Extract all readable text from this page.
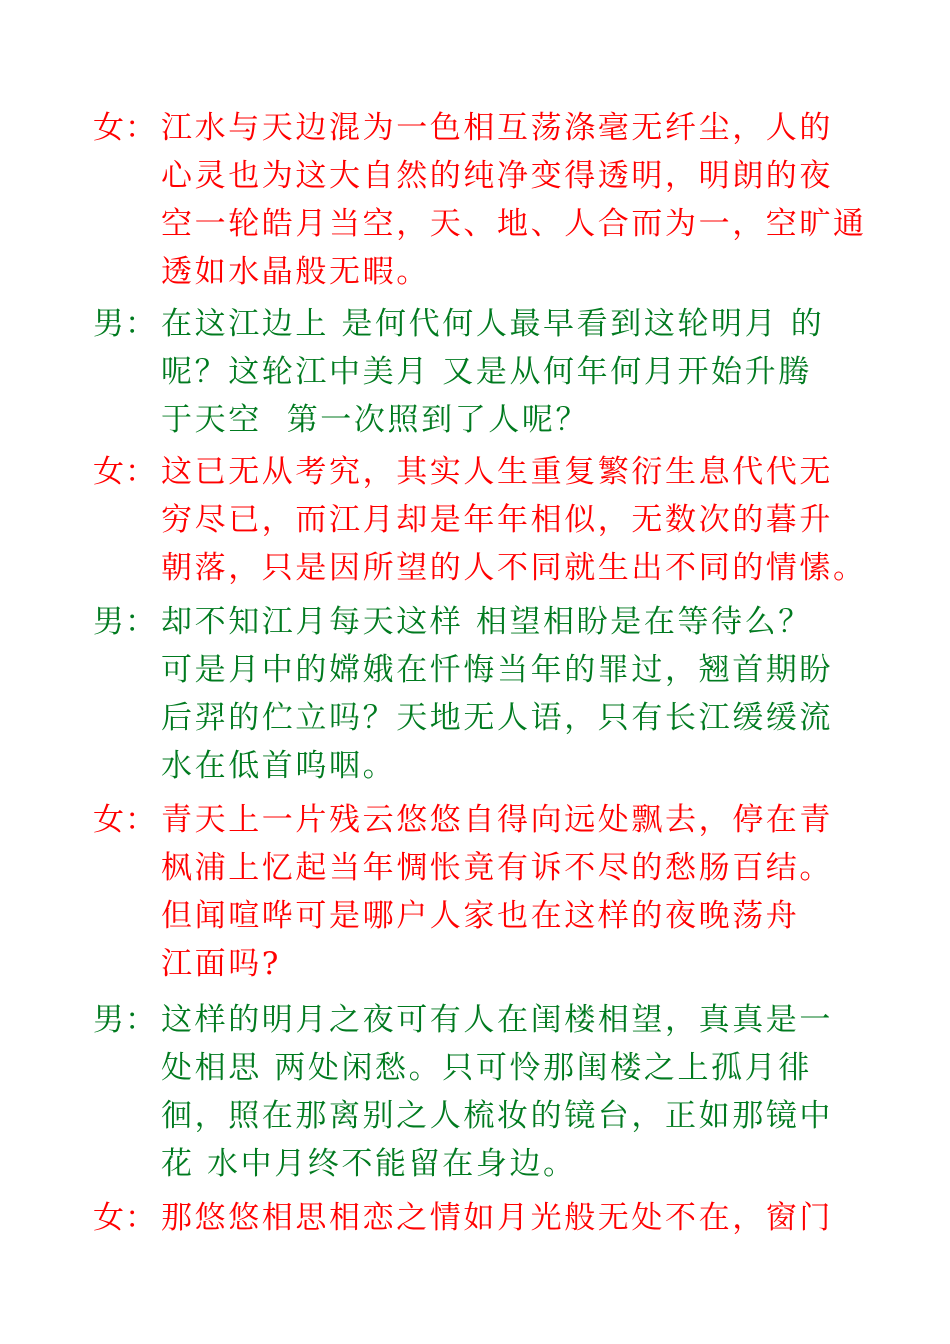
女： 江水与天边混为一色相互荡涤毫无纤尘，人的
心灵也为这大自然的纯净变得透明，明朗的夜
空一轮皓月当空，天、地、人合而为一，空旷通
透如水晶般无暇。
男： 在这江边上 是何代何人最早看到这轮明月 的
呢？这轮江中美月 又是从何年何月开始升腾
于天空  第一次照到了人呢？
女： 这已无从考究，其实人生重复繁衍生息代代无
穷尽已，而江月却是年年相似，无数次的暮升
朝落，只是因所望的人不同就生出不同的情愫。
男： 却不知江月每天这样 相望相盼是在等待么？
可是月中的嫦娥在忏悔当年的罪过，翘首期盼
后羿的伫立吗？天地无人语，只有长江缓缓流
水在低首呜咽。
女： 青天上一片残云悠悠自得向远处飘去，停在青
枫浦上忆起当年惆怅竟有诉不尽的愁肠百结。
但闻喧哗可是哪户人家也在这样的夜晚荡舟
江面吗?
男： 这样的明月之夜可有人在闺楼相望，真真是一
处相思 两处闲愁。只可怜那闺楼之上孤月徘
徊，照在那离别之人梳妆的镜台，正如那镜中
花 水中月终不能留在身边。
女： 那悠悠相思相恋之情如月光般无处不在，窗门
